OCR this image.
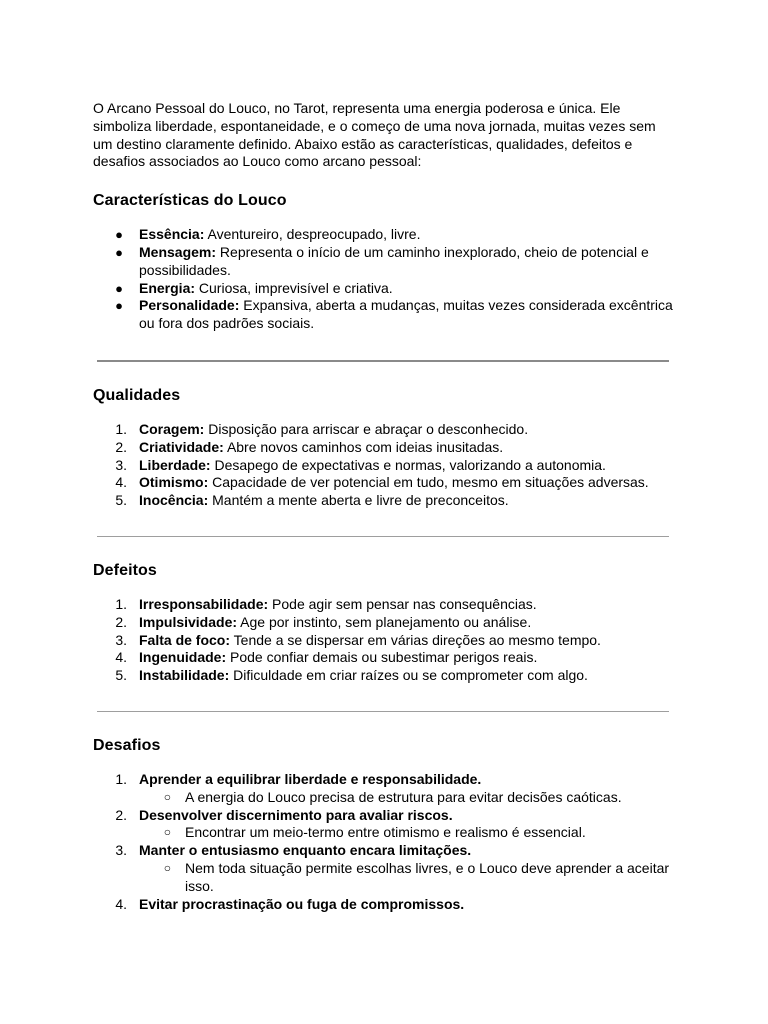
O Arcano Pessoal do Louco, no Tarot, representa uma energia poderosa e única. Ele simboliza liberdade, espontaneidade, e o começo de uma nova jornada, muitas vezes sem um destino claramente definido. Abaixo estão as características, qualidades, defeitos e desafios associados ao Louco como arcano pessoal:

Características do Louco
● Essência: Aventureiro, despreocupado, livre.
● Mensagem: Representa o início de um caminho inexplorado, cheio de potencial e possibilidades.
● Energia: Curiosa, imprevisível e criativa.
● Personalidade: Expansiva, aberta a mudanças, muitas vezes considerada excêntrica ou fora dos padrões sociais.
Qualidades
1. Coragem: Disposição para arriscar e abraçar o desconhecido.
2. Criatividade: Abre novos caminhos com ideias inusitadas.
3. Liberdade: Desapego de expectativas e normas, valorizando a autonomia.
4. Otimismo: Capacidade de ver potencial em tudo, mesmo em situações adversas.
5. Inocência: Mantém a mente aberta e livre de preconceitos.
Defeitos
1. Irresponsabilidade: Pode agir sem pensar nas consequências.
2. Impulsividade: Age por instinto, sem planejamento ou análise.
3. Falta de foco: Tende a se dispersar em várias direções ao mesmo tempo.
4. Ingenuidade: Pode confiar demais ou subestimar perigos reais.
5. Instabilidade: Dificuldade em criar raízes ou se comprometer com algo.
Desafios
1. Aprender a equilibrar liberdade e responsabilidade.
○ A energia do Louco precisa de estrutura para evitar decisões caóticas.
2. Desenvolver discernimento para avaliar riscos.
○ Encontrar um meio-termo entre otimismo e realismo é essencial.
3. Manter o entusiasmo enquanto encara limitações.
○ Nem toda situação permite escolhas livres, e o Louco deve aprender a aceitar isso.
4. Evitar procrastinação ou fuga de compromissos.
